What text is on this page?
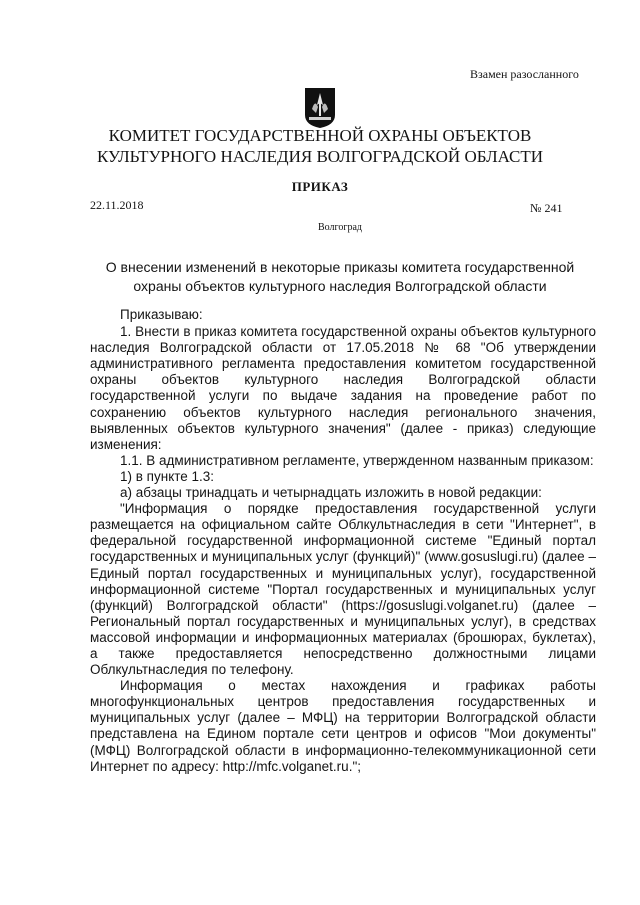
Взамен разосланного
КОМИТЕТ ГОСУДАРСТВЕННОЙ ОХРАНЫ ОБЪЕКТОВ КУЛЬТУРНОГО НАСЛЕДИЯ ВОЛГОГРАДСКОЙ ОБЛАСТИ
ПРИКАЗ
22.11.2018	№ 241
Волгоград
О внесении изменений в некоторые приказы комитета государственной охраны объектов культурного наследия Волгоградской области

Приказываю:

1. Внести в приказ комитета государственной охраны объектов культурного наследия Волгоградской области от 17.05.2018 № 68 "Об утверждении административного регламента предоставления комитетом государственной охраны объектов культурного наследия Волгоградской области государственной услуги по выдаче задания на проведение работ по сохранению объектов культурного наследия регионального значения, выявленных объектов культурного значения" (далее - приказ) следующие изменения:

1.1. В административном регламенте, утвержденном названным приказом:

1) в пункте 1.3:

а) абзацы тринадцать и четырнадцать изложить в новой редакции:

"Информация о порядке предоставления государственной услуги размещается на официальном сайте Облкультнаследия в сети "Интернет", в федеральной государственной информационной системе "Единый портал государственных и муниципальных услуг (функций)" (www.gosuslugi.ru) (далее – Единый портал государственных и муниципальных услуг), государственной информационной системе "Портал государственных и муниципальных услуг (функций) Волгоградской области" (https://gosuslugi.volganet.ru) (далее – Региональный портал государственных и муниципальных услуг), в средствах массовой информации и информационных материалах (брошюрах, буклетах), а также предоставляется непосредственно должностными лицами Облкультнаследия по телефону.

Информация о местах нахождения и графиках работы многофункциональных центров предоставления государственных и муниципальных услуг (далее – МФЦ) на территории Волгоградской области представлена на Едином портале сети центров и офисов "Мои документы" (МФЦ) Волгоградской области в информационно-телекоммуникационной сети Интернет по адресу: http://mfc.volganet.ru.";
